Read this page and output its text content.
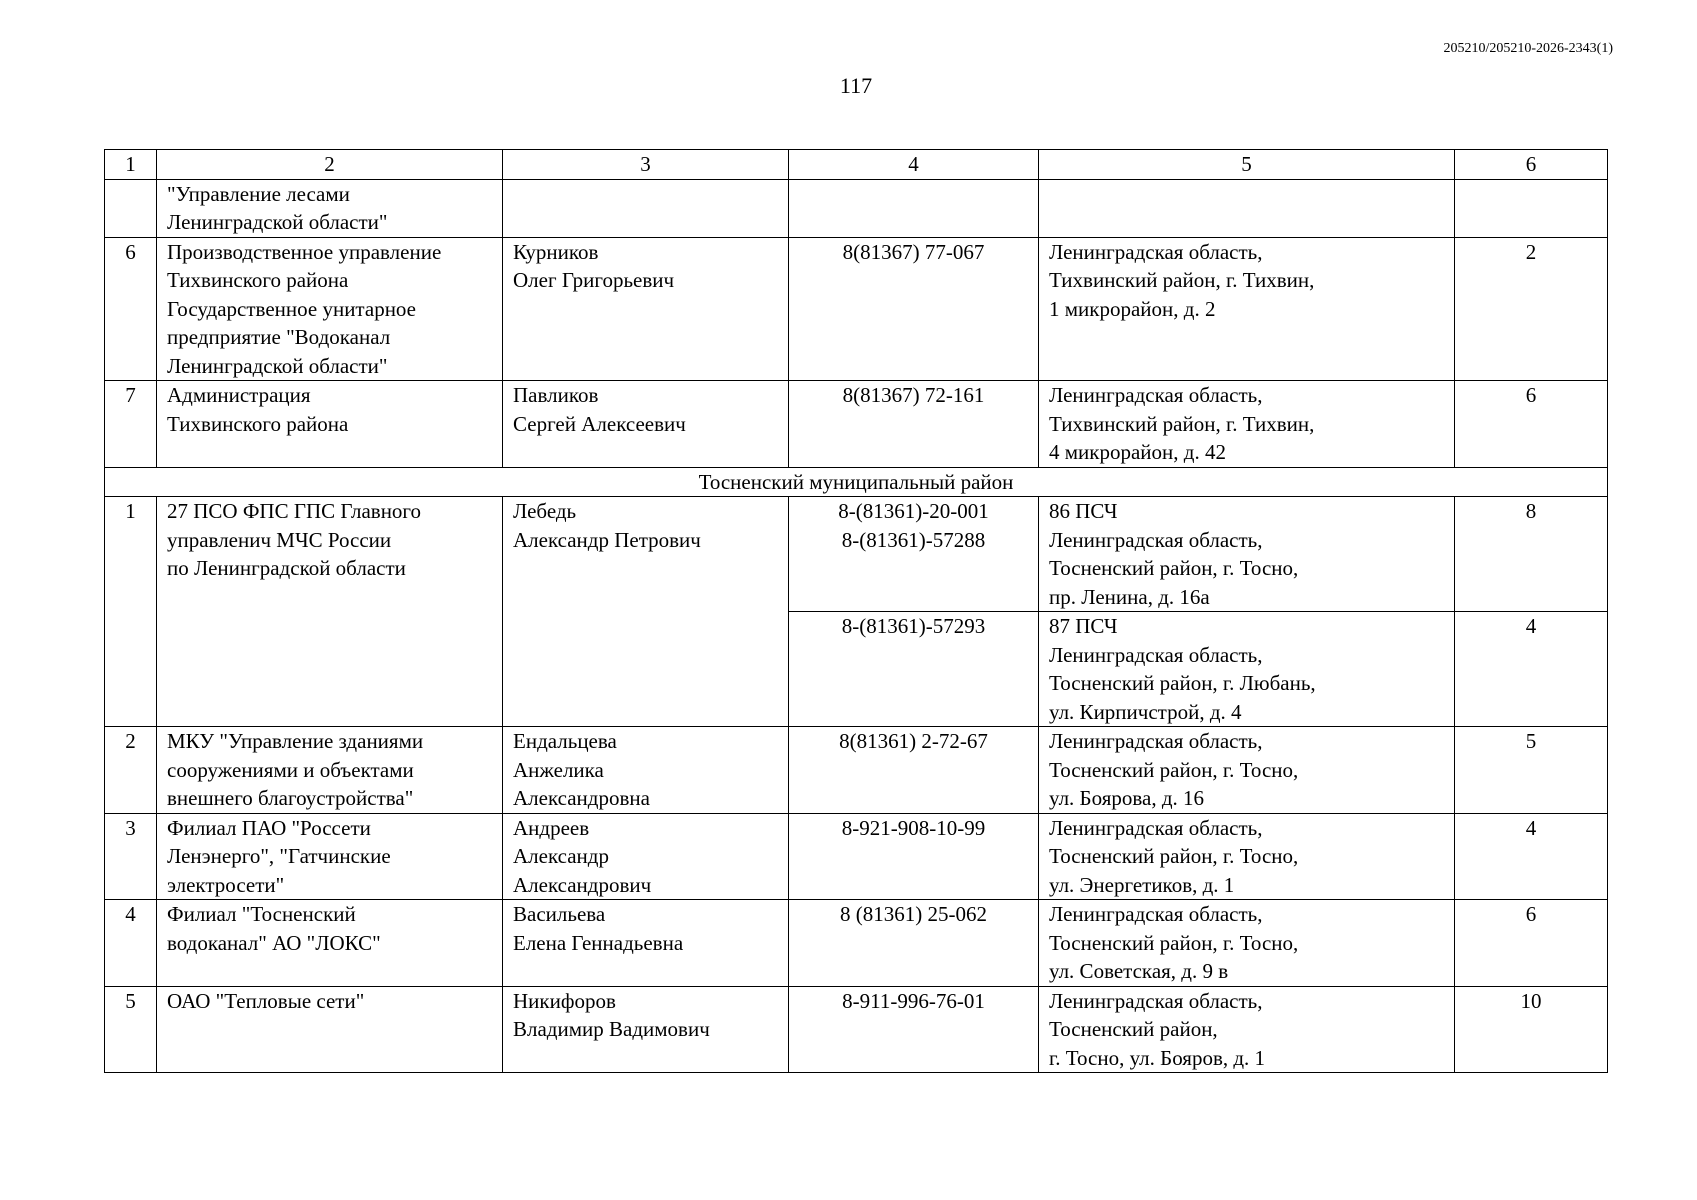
205210/205210-2026-2343(1)
117
1	2	3	4	5	6

	"Управление лесами
Ленинградской области"				

6	Производственное управление
Тихвинского района
Государственное унитарное
предприятие "Водоканал
Ленинградской области"	Курников
Олег Григорьевич	8(81367) 77-067	Ленинградская область,
Тихвинский район, г. Тихвин,
1 микрорайон, д. 2	2
7	Администрация
Тихвинского района	Павликов
Сергей Алексеевич	8(81367) 72-161	Ленинградская область,
Тихвинский район, г. Тихвин,
4 микрорайон, д. 42	6
Тосненский муниципальный район					
1	27 ПСО ФПС ГПС Главного
управленич МЧС России
по Ленинградской области	Лебедь
Александр Петрович	8-(81361)-20-001
8-(81361)-57288	86 ПСЧ
Ленинградская область,
Тосненский район, г. Тосно,
пр. Ленина, д. 16а	8

			8-(81361)-57293	87 ПСЧ
Ленинградская область,
Тосненский район, г. Любань,
ул. Кирпичстрой, д. 4	4
2	МКУ "Управление зданиями
сооружениями и объектами
внешнего благоустройства"	Ендальцева
Анжелика
Александровна	8(81361) 2-72-67	Ленинградская область,
Тосненский район, г. Тосно,
ул. Боярова, д. 16	5
3	Филиал ПАО "Россети
Ленэнерго", "Гатчинские
электросети"	Андреев
Александр
Александрович	8-921-908-10-99	Ленинградская область,
Тосненский район, г. Тосно,
ул. Энергетиков, д. 1	4
4	Филиал "Тосненский
водоканал" АО "ЛОКС"	Васильева
Елена Геннадьевна	8 (81361) 25-062	Ленинградская область,
Тосненский район, г. Тосно,
ул. Советская, д. 9 в	6
5	ОАО "Тепловые сети"	Никифоров
Владимир Вадимович	8-911-996-76-01	Ленинградская область,
Тосненский район,
г. Тосно, ул. Бояров, д. 1	10
